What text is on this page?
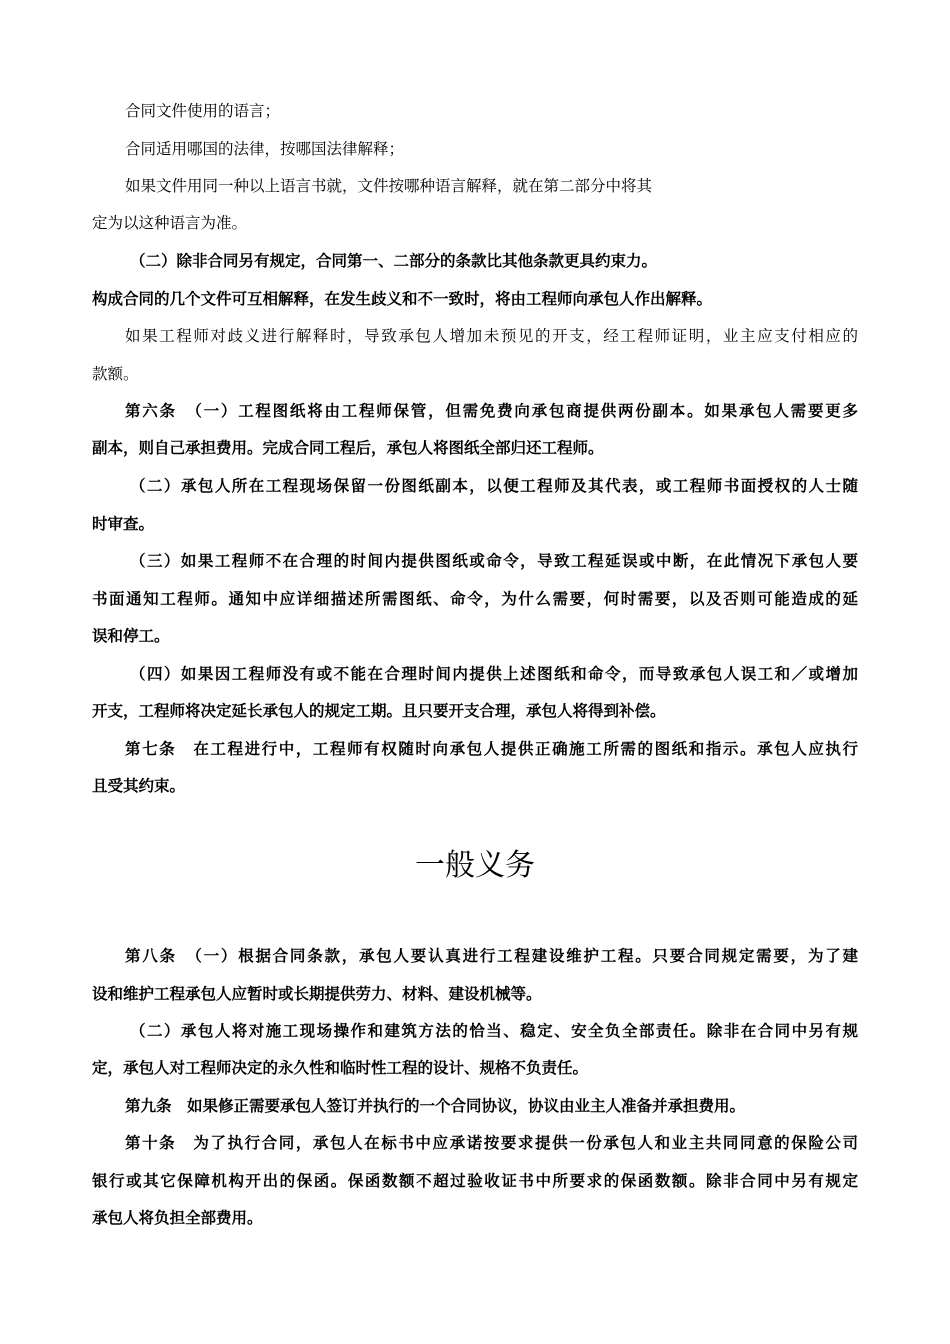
合同文件使用的语言；
合同适用哪国的法律，按哪国法律解释；
如果文件用同一种以上语言书就，文件按哪种语言解释，就在第二部分中将其
定为以这种语言为准。
（二）除非合同另有规定，合同第一、二部分的条款比其他条款更具约束力。
构成合同的几个文件可互相解释，在发生歧义和不一致时，将由工程师向承包人作出解释。
如果工程师对歧义进行解释时，导致承包人增加未预见的开支，经工程师证明，业主应支付相应的
款额。
第六条　（一）工程图纸将由工程师保管，但需免费向承包商提供两份副本。如果承包人需要更多
副本，则自己承担费用。完成合同工程后，承包人将图纸全部归还工程师。
（二）承包人所在工程现场保留一份图纸副本，以便工程师及其代表，或工程师书面授权的人士随
时审查。
（三）如果工程师不在合理的时间内提供图纸或命令，导致工程延误或中断，在此情况下承包人要
书面通知工程师。通知中应详细描述所需图纸、命令，为什么需要，何时需要，以及否则可能造成的延
误和停工。
（四）如果因工程师没有或不能在合理时间内提供上述图纸和命令，而导致承包人误工和／或增加
开支，工程师将决定延长承包人的规定工期。且只要开支合理，承包人将得到补偿。
第七条　在工程进行中，工程师有权随时向承包人提供正确施工所需的图纸和指示。承包人应执行
且受其约束。
一般义务
第八条　（一）根据合同条款，承包人要认真进行工程建设维护工程。只要合同规定需要，为了建
设和维护工程承包人应暂时或长期提供劳力、材料、建设机械等。
（二）承包人将对施工现场操作和建筑方法的恰当、稳定、安全负全部责任。除非在合同中另有规
定，承包人对工程师决定的永久性和临时性工程的设计、规格不负责任。
第九条　如果修正需要承包人签订并执行的一个合同协议，协议由业主人准备并承担费用。
第十条　为了执行合同，承包人在标书中应承诺按要求提供一份承包人和业主共同同意的保险公司
银行或其它保障机构开出的保函。保函数额不超过验收证书中所要求的保函数额。除非合同中另有规定
承包人将负担全部费用。
